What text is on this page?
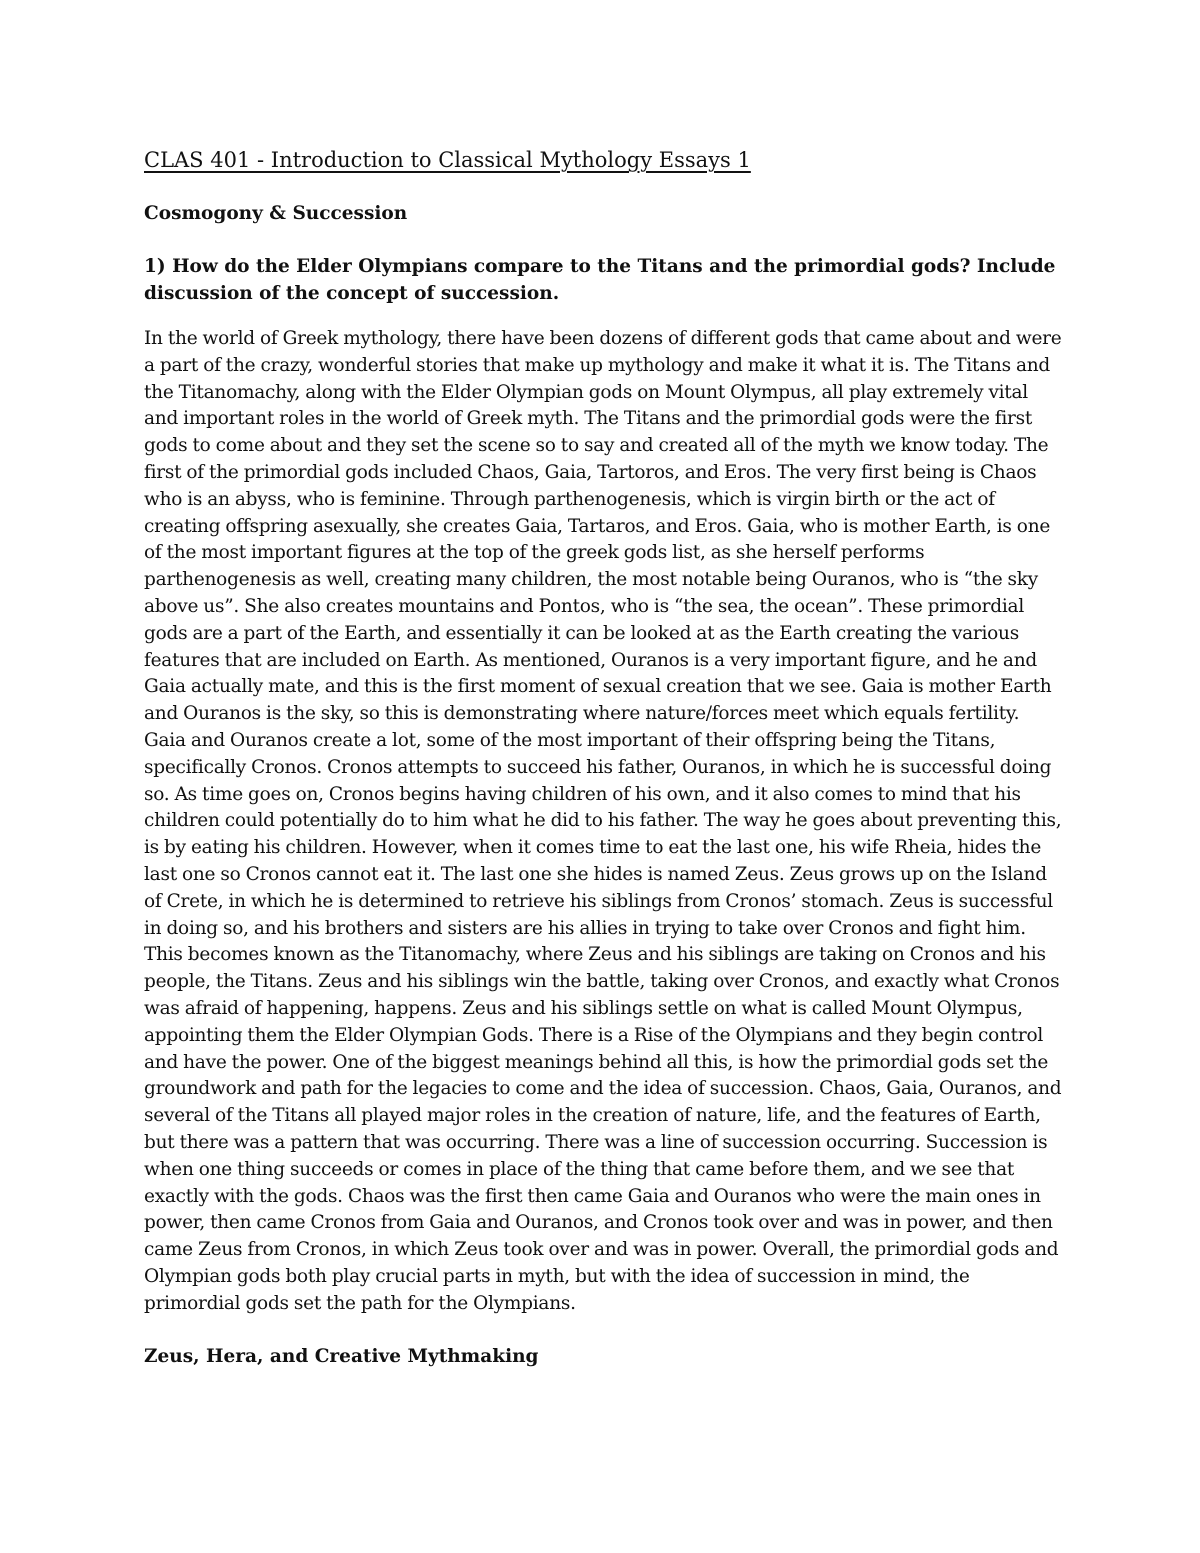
CLAS 401 - Introduction to Classical Mythology Essays 1
Cosmogony & Succession

1) How do the Elder Olympians compare to the Titans and the primordial gods? Include discussion of the concept of succession.

In the world of Greek mythology, there have been dozens of different gods that came about and were a part of the crazy, wonderful stories that make up mythology and make it what it is. The Titans and the Titanomachy, along with the Elder Olympian gods on Mount Olympus, all play extremely vital and important roles in the world of Greek myth. The Titans and the primordial gods were the first gods to come about and they set the scene so to say and created all of the myth we know today. The first of the primordial gods included Chaos, Gaia, Tartoros, and Eros. The very first being is Chaos who is an abyss, who is feminine. Through parthenogenesis, which is virgin birth or the act of creating offspring asexually, she creates Gaia, Tartaros, and Eros. Gaia, who is mother Earth, is one of the most important figures at the top of the greek gods list, as she herself performs parthenogenesis as well, creating many children, the most notable being Ouranos, who is “the sky above us”. She also creates mountains and Pontos, who is “the sea, the ocean”. These primordial gods are a part of the Earth, and essentially it can be looked at as the Earth creating the various features that are included on Earth. As mentioned, Ouranos is a very important figure, and he and Gaia actually mate, and this is the first moment of sexual creation that we see. Gaia is mother Earth and Ouranos is the sky, so this is demonstrating where nature/forces meet which equals fertility. Gaia and Ouranos create a lot, some of the most important of their offspring being the Titans, specifically Cronos. Cronos attempts to succeed his father, Ouranos, in which he is successful doing so. As time goes on, Cronos begins having children of his own, and it also comes to mind that his children could potentially do to him what he did to his father. The way he goes about preventing this, is by eating his children. However, when it comes time to eat the last one, his wife Rheia, hides the last one so Cronos cannot eat it. The last one she hides is named Zeus. Zeus grows up on the Island of Crete, in which he is determined to retrieve his siblings from Cronos’ stomach. Zeus is successful in doing so, and his brothers and sisters are his allies in trying to take over Cronos and fight him. This becomes known as the Titanomachy, where Zeus and his siblings are taking on Cronos and his people, the Titans. Zeus and his siblings win the battle, taking over Cronos, and exactly what Cronos was afraid of happening, happens. Zeus and his siblings settle on what is called Mount Olympus, appointing them the Elder Olympian Gods. There is a Rise of the Olympians and they begin control and have the power. One of the biggest meanings behind all this, is how the primordial gods set the groundwork and path for the legacies to come and the idea of succession. Chaos, Gaia, Ouranos, and several of the Titans all played major roles in the creation of nature, life, and the features of Earth, but there was a pattern that was occurring. There was a line of succession occurring. Succession is when one thing succeeds or comes in place of the thing that came before them, and we see that exactly with the gods. Chaos was the first then came Gaia and Ouranos who were the main ones in power, then came Cronos from Gaia and Ouranos, and Cronos took over and was in power, and then came Zeus from Cronos, in which Zeus took over and was in power. Overall, the primordial gods and Olympian gods both play crucial parts in myth, but with the idea of succession in mind, the primordial gods set the path for the Olympians.

Zeus, Hera, and Creative Mythmaking
